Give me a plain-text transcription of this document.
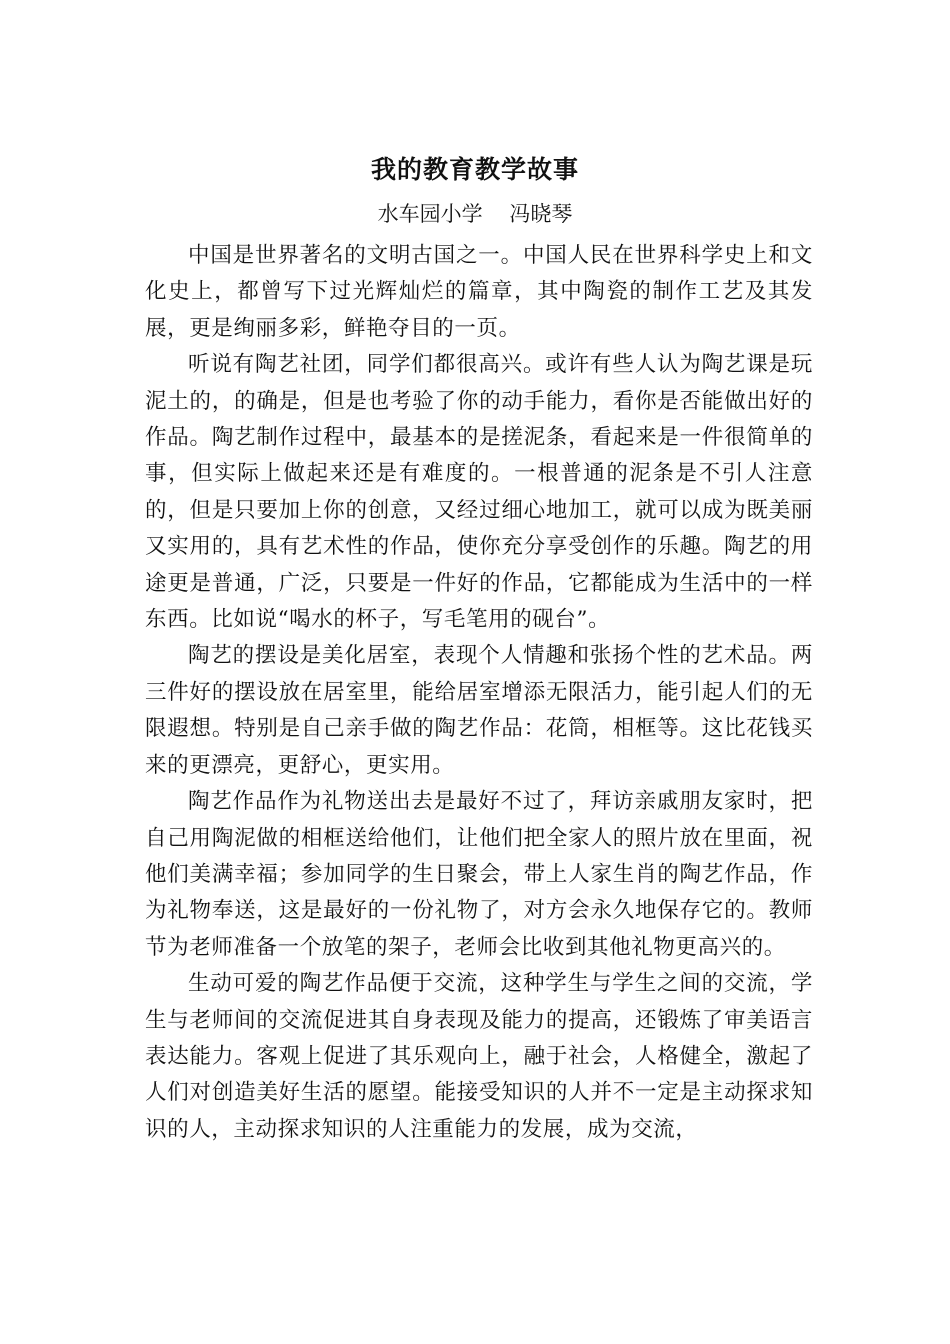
我的教育教学故事
水车园小学    冯晓琴

中国是世界著名的文明古国之一。中国人民在世界科学史上和文化史上，都曾写下过光辉灿烂的篇章，其中陶瓷的制作工艺及其发展，更是绚丽多彩，鲜艳夺目的一页。

听说有陶艺社团，同学们都很高兴。或许有些人认为陶艺课是玩泥土的，的确是，但是也考验了你的动手能力，看你是否能做出好的作品。陶艺制作过程中，最基本的是搓泥条，看起来是一件很简单的事，但实际上做起来还是有难度的。一根普通的泥条是不引人注意的，但是只要加上你的创意，又经过细心地加工，就可以成为既美丽又实用的，具有艺术性的作品，使你充分享受创作的乐趣。陶艺的用途更是普通，广泛，只要是一件好的作品，它都能成为生活中的一样东西。比如说“喝水的杯子，写毛笔用的砚台”。

陶艺的摆设是美化居室，表现个人情趣和张扬个性的艺术品。两三件好的摆设放在居室里，能给居室增添无限活力，能引起人们的无限遐想。特别是自己亲手做的陶艺作品：花筒，相框等。这比花钱买来的更漂亮，更舒心，更实用。

陶艺作品作为礼物送出去是最好不过了，拜访亲戚朋友家时，把自己用陶泥做的相框送给他们，让他们把全家人的照片放在里面，祝他们美满幸福；参加同学的生日聚会，带上人家生肖的陶艺作品，作为礼物奉送，这是最好的一份礼物了，对方会永久地保存它的。教师节为老师准备一个放笔的架子，老师会比收到其他礼物更高兴的。

生动可爱的陶艺作品便于交流，这种学生与学生之间的交流，学生与老师间的交流促进其自身表现及能力的提高，还锻炼了审美语言表达能力。客观上促进了其乐观向上，融于社会，人格健全，激起了人们对创造美好生活的愿望。能接受知识的人并不一定是主动探求知识的人，主动探求知识的人注重能力的发展，成为交流，
